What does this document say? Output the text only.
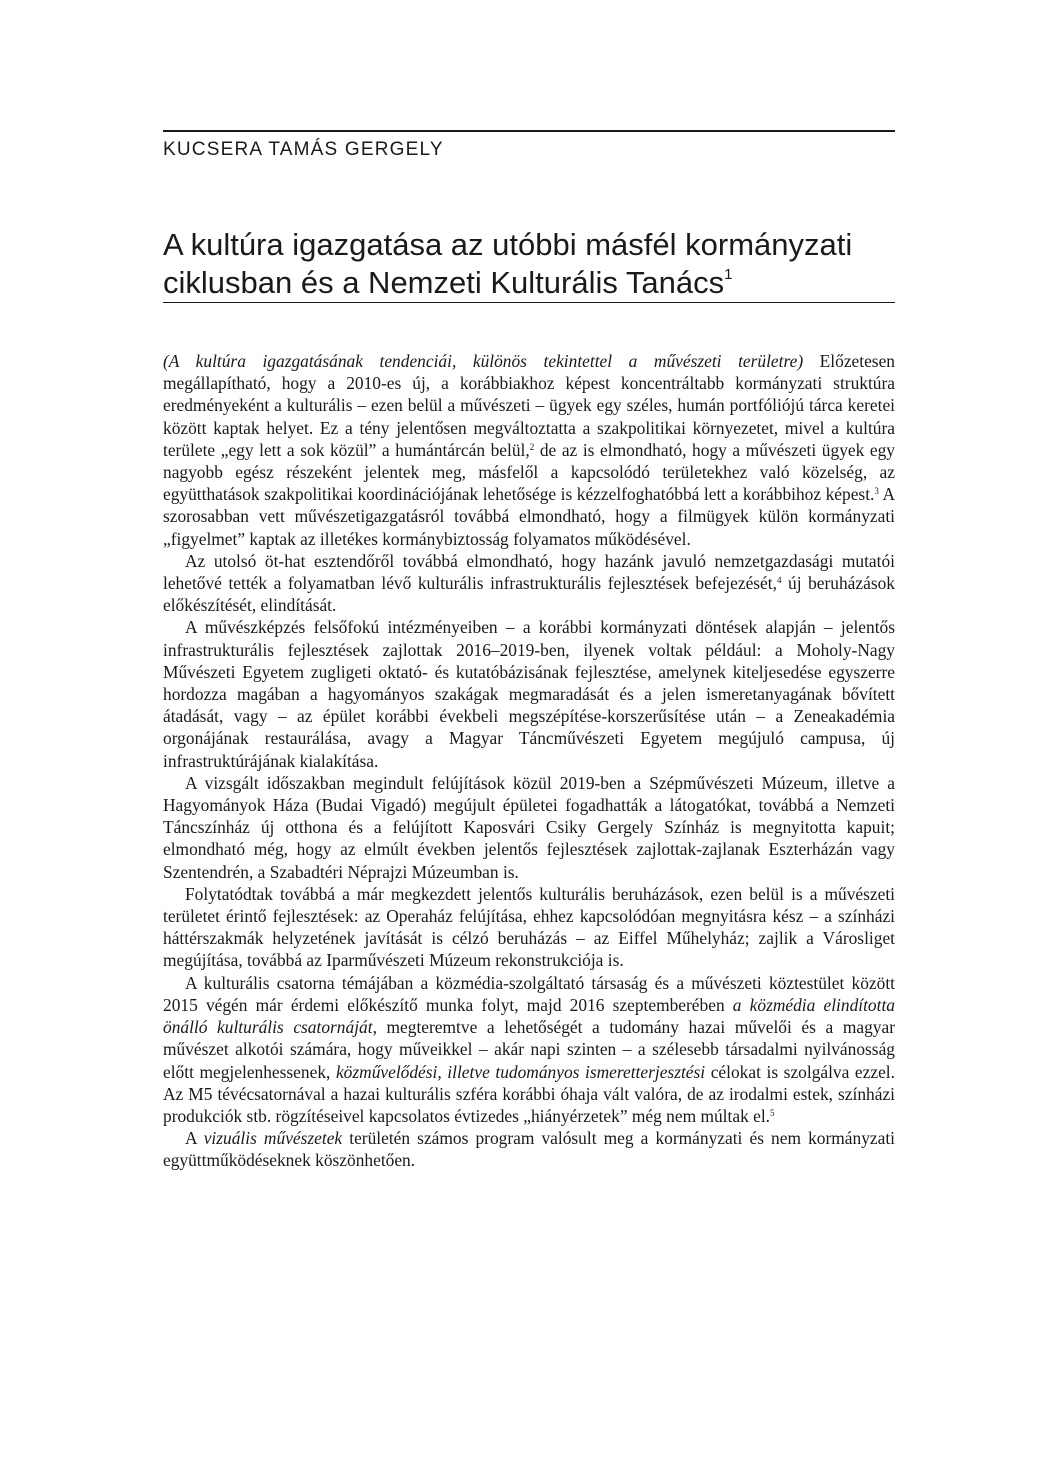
KUCSERA TAMÁS GERGELY
A kultúra igazgatása az utóbbi másfél kormányzati
ciklusban és a Nemzeti Kulturális Tanács$^1$

(A kultúra igazgatásának tendenciái, különös tekintettel a művészeti területre) Előzetesen megállapítható, hogy a 2010-es új, a korábbiakhoz képest koncentráltabb kormányzati struktúra eredményeként a kulturális – ezen belül a művészeti – ügyek egy széles, humán portfóliójú tárca keretei között kaptak helyet. Ez a tény jelentősen megváltoztatta a szakpolitikai környezetet, mivel a kultúra területe „egy lett a sok közül” a humántárcán belül,$^2$ de az is elmondható, hogy a művészeti ügyek egy nagyobb egész részeként jelentek meg, másfelől a kapcsolódó területekhez való közelség, az együtthatások szakpolitikai koordinációjának lehetősége is kézzelfoghatóbbá lett a korábbihoz képest.$^3$ A szorosabban vett művészetigazgatásról továbbá elmondható, hogy a filmügyek külön kormányzati „figyelmet” kaptak az illetékes kormánybiztosság folyamatos működésével.

Az utolsó öt-hat esztendőről továbbá elmondható, hogy hazánk javuló nemzetgazdasági mutatói lehetővé tették a folyamatban lévő kulturális infrastrukturális fejlesztések befejezését,$^4$ új beruházások előkészítését, elindítását.

A művészképzés felsőfokú intézményeiben – a korábbi kormányzati döntések alapján – jelentős infrastrukturális fejlesztések zajlottak 2016–2019-ben, ilyenek voltak például: a Moholy-Nagy Művészeti Egyetem zugligeti oktató- és kutatóbázisának fejlesztése, amelynek kiteljesedése egyszerre hordozza magában a hagyományos szakágak megmaradását és a jelen ismeretanyagának bővített átadását, vagy – az épület korábbi évekbeli megszépítése-korszerűsítése után – a Zeneakadémia orgonájának restaurálása, avagy a Magyar Táncművészeti Egyetem megújuló campusa, új infrastruktúrájának kialakítása.

A vizsgált időszakban megindult felújítások közül 2019-ben a Szépművészeti Múzeum, illetve a Hagyományok Háza (Budai Vigadó) megújult épületei fogadhatták a látogatókat, továbbá a Nemzeti Táncszínház új otthona és a felújított Kaposvári Csiky Gergely Színház is megnyitotta kapuit; elmondható még, hogy az elmúlt években jelentős fejlesztések zajlottak-zajlanak Eszterházán vagy Szentendrén, a Szabadtéri Néprajzi Múzeumban is.

Folytatódtak továbbá a már megkezdett jelentős kulturális beruházások, ezen belül is a művészeti területet érintő fejlesztések: az Operaház felújítása, ehhez kapcsolódóan megnyitásra kész – a színházi háttérszakmák helyzetének javítását is célzó beruházás – az Eiffel Műhelyház; zajlik a Városliget megújítása, továbbá az Iparművészeti Múzeum rekonstrukciója is.

A kulturális csatorna témájában a közmédia-szolgáltató társaság és a művészeti köztestület között 2015 végén már érdemi előkészítő munka folyt, majd 2016 szeptemberében a közmédia elindította önálló kulturális csatornáját, megteremtve a lehetőségét a tudomány hazai művelői és a magyar művészet alkotói számára, hogy műveikkel – akár napi szinten – a szélesebb társadalmi nyilvánosság előtt megjelenhessenek, közművelődési, illetve tudományos ismeretterjesztési célokat is szolgálva ezzel. Az M5 tévécsatornával a hazai kulturális szféra korábbi óhaja vált valóra, de az irodalmi estek, színházi produkciók stb. rögzítéseivel kapcsolatos évtizedes „hiányérzetek” még nem múltak el.$^5$

A vizuális művészetek területén számos program valósult meg a kormányzati és nem kormányzati együttműködéseknek köszönhetően.
